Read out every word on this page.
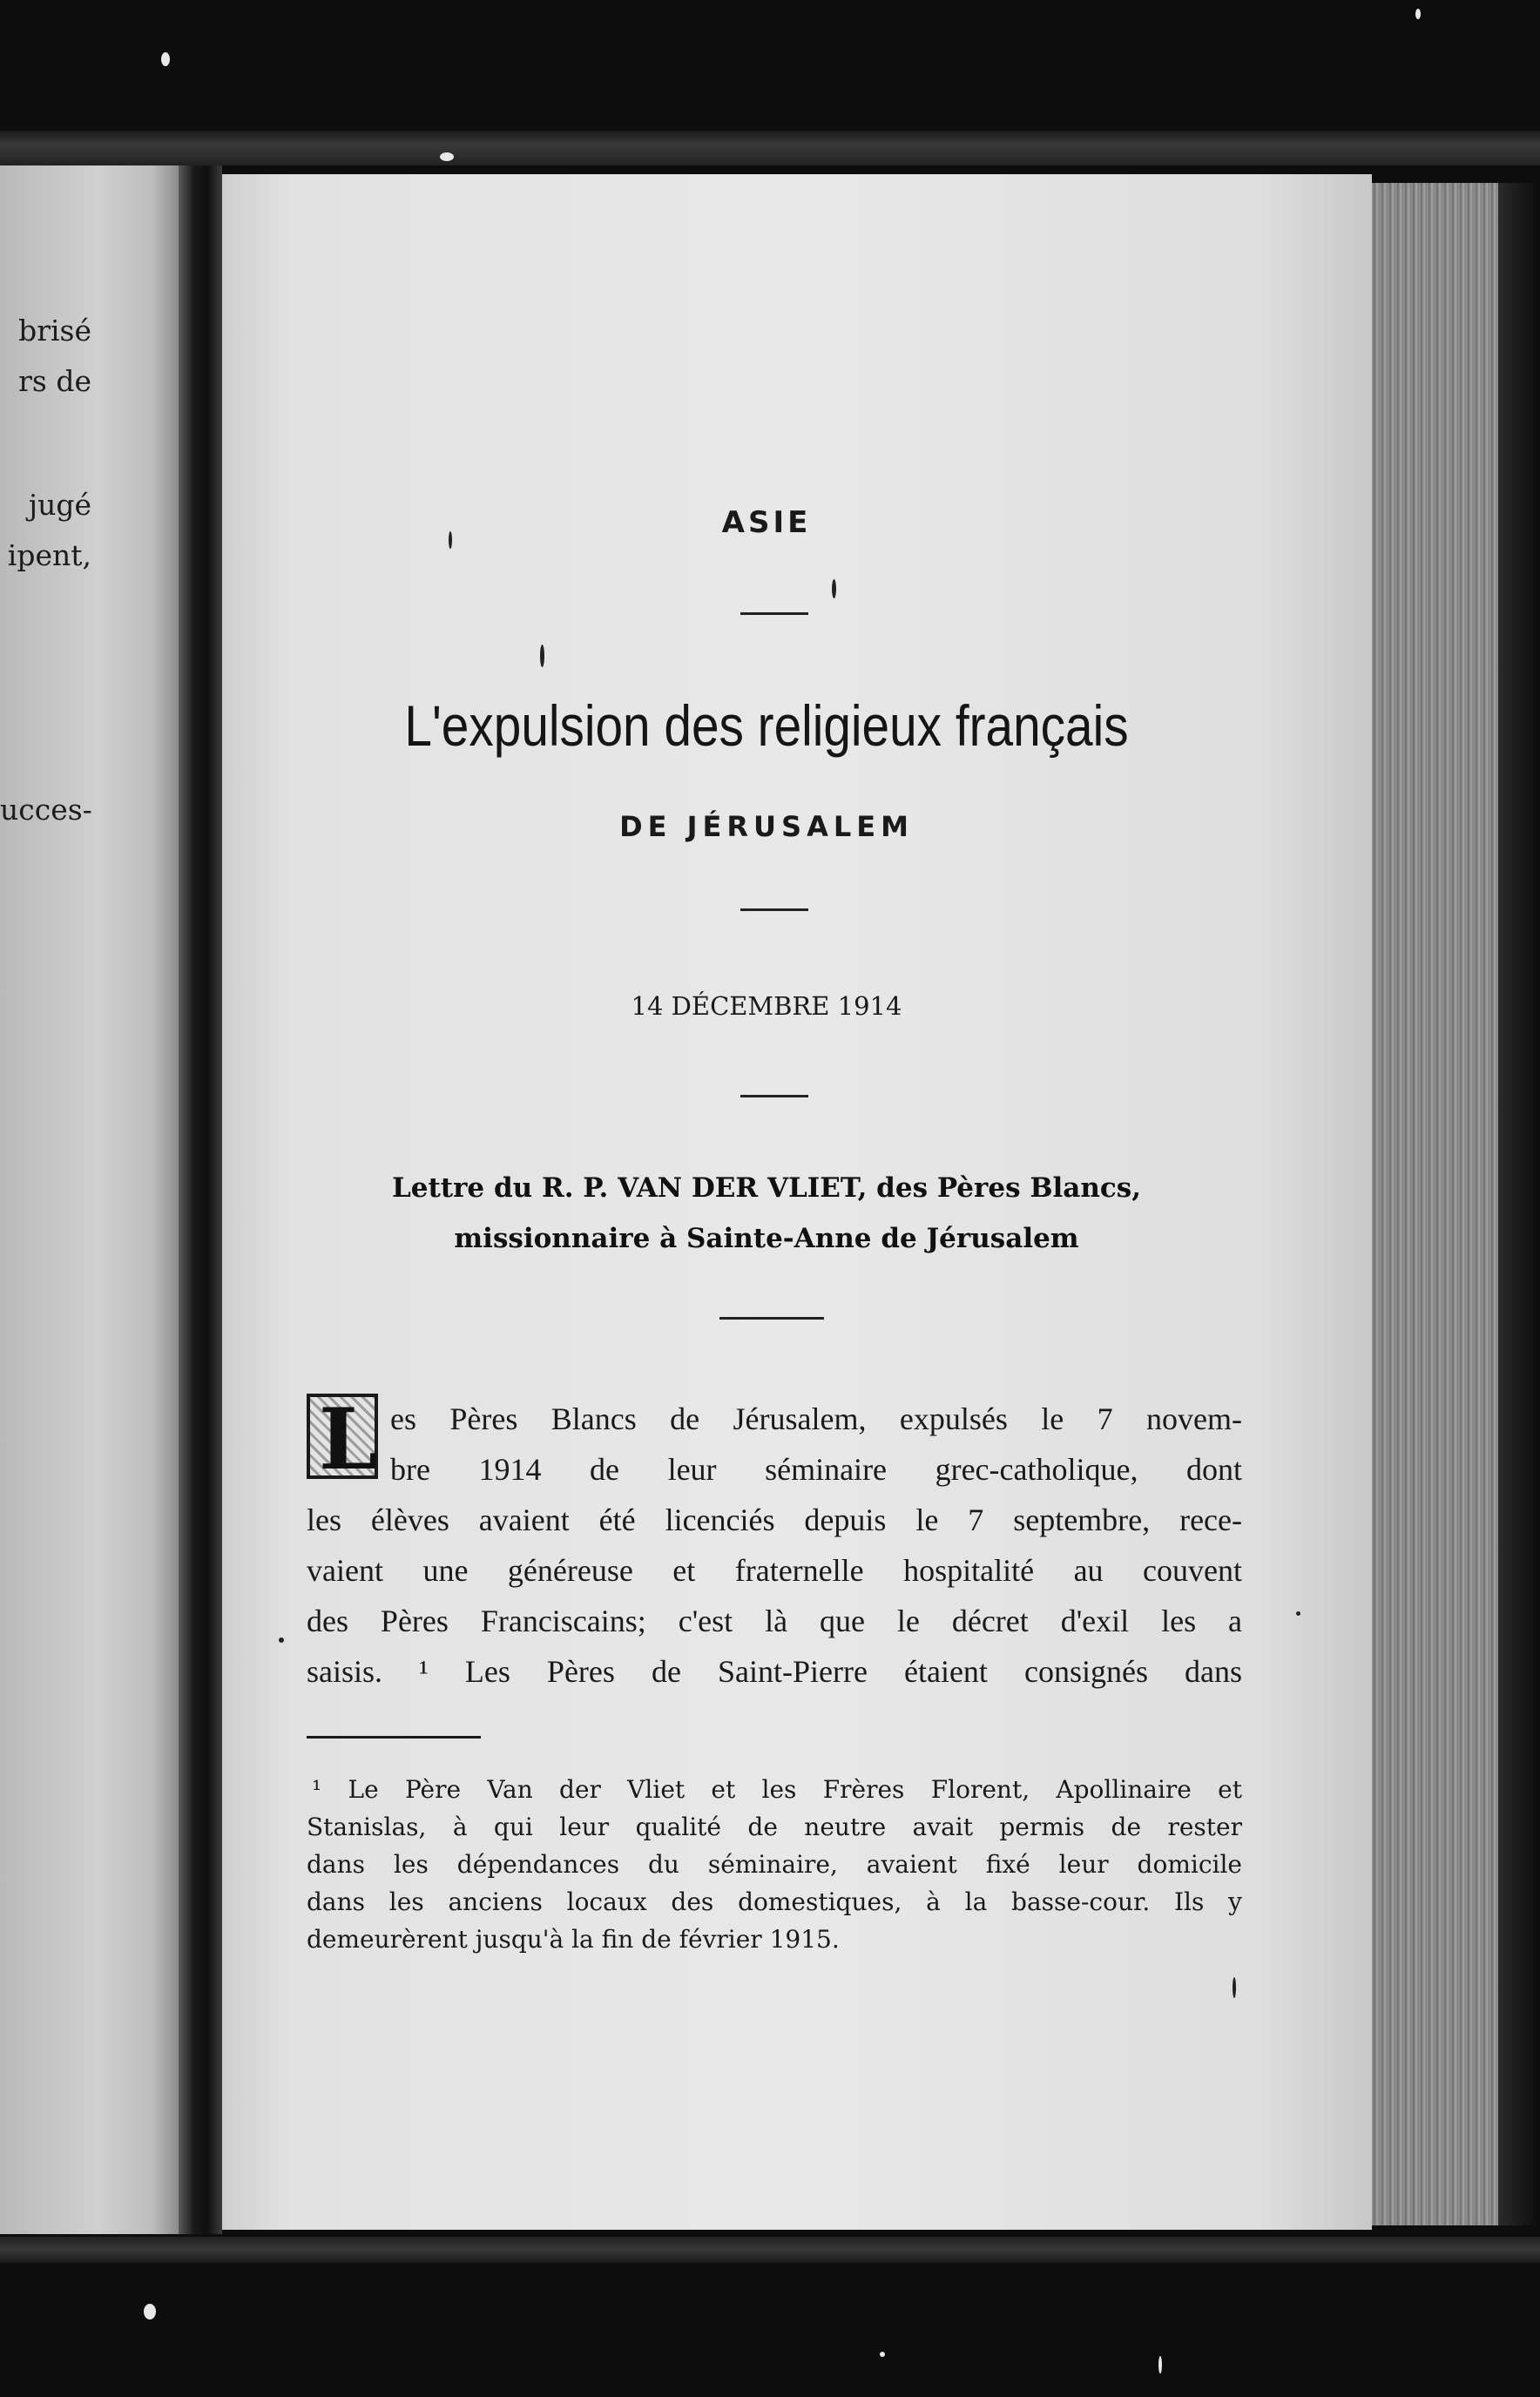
brisé
rs de
jugé
ipent,
ucces-
ASIE
L'expulsion des religieux français
DE JÉRUSALEM
14 DÉCEMBRE 1914
Lettre du R. P. VAN DER VLIET, des Pères Blancs,
missionnaire à Sainte-Anne de Jérusalem
L es Pères Blancs de Jérusalem, expulsés le 7 novem-
bre 1914 de leur séminaire grec-catholique, dont
les élèves avaient été licenciés depuis le 7 septembre, rece-
vaient une généreuse et fraternelle hospitalité au couvent
des Pères Franciscains; c'est là que le décret d'exil les a
saisis. ¹ Les Pères de Saint-Pierre étaient consignés dans
¹ Le Père Van der Vliet et les Frères Florent, Apollinaire et
Stanislas, à qui leur qualité de neutre avait permis de rester
dans les dépendances du séminaire, avaient fixé leur domicile
dans les anciens locaux des domestiques, à la basse-cour. Ils y
demeurèrent jusqu'à la fin de février 1915.
